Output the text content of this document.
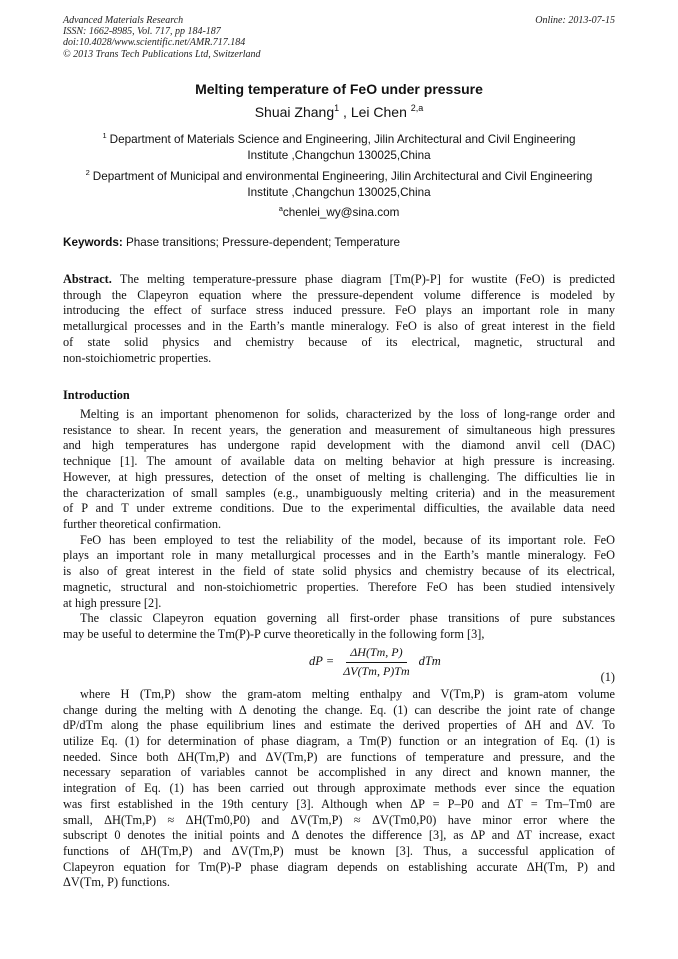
Advanced Materials Research
ISSN: 1662-8985, Vol. 717, pp 184-187
doi:10.4028/www.scientific.net/AMR.717.184
© 2013 Trans Tech Publications Ltd, Switzerland
Online: 2013-07-15
Melting temperature of FeO under pressure
Shuai Zhang$^1$ , Lei Chen $^{2,a}$
$^1$ Department of Materials Science and Engineering, Jilin Architectural and Civil Engineering
Institute ,Changchun 130025,China
$^2$ Department of Municipal and environmental Engineering, Jilin Architectural and Civil Engineering
Institute ,Changchun 130025,China
$^a$chenlei_wy@sina.com
Keywords: Phase transitions; Pressure-dependent; Temperature
Abstract. The melting temperature-pressure phase diagram [Tm(P)-P] for wustite (FeO) is predicted
through the Clapeyron equation where the pressure-dependent volume difference is modeled by
introducing the effect of surface stress induced pressure. FeO plays an important role in many
metallurgical processes and in the Earth’s mantle mineralogy. FeO is also of great interest in the field
of state solid physics and chemistry because of its electrical, magnetic, structural and
non-stoichiometric properties.
Introduction
Melting is an important phenomenon for solids, characterized by the loss of long-range order and
resistance to shear. In recent years, the generation and measurement of simultaneous high pressures
and high temperatures has undergone rapid development with the diamond anvil cell (DAC)
technique [1]. The amount of available data on melting behavior at high pressure is increasing.
However, at high pressures, detection of the onset of melting is challenging. The difficulties lie in
the characterization of small samples (e.g., unambiguously melting criteria) and in the measurement
of P and T under extreme conditions. Due to the experimental difficulties, the available data need
further theoretical confirmation.
FeO has been employed to test the reliability of the model, because of its important role. FeO
plays an important role in many metallurgical processes and in the Earth’s mantle mineralogy. FeO
is also of great interest in the field of state solid physics and chemistry because of its electrical,
magnetic, structural and non-stoichiometric properties. Therefore FeO has been studied intensively
at high pressure [2].
The classic Clapeyron equation governing all first-order phase transitions of pure substances
may be useful to determine the Tm(P)-P curve theoretically in the following form [3],
dP = $\frac{\Delta H(Tm, P)}{\Delta V(Tm, P)Tm}$ dTm
(1)
where H (Tm,P) show the gram-atom melting enthalpy and V(Tm,P) is gram-atom volume
change during the melting with Δ denoting the change. Eq. (1) can describe the joint rate of change
dP/dTm along the phase equilibrium lines and estimate the derived properties of ΔH and ΔV. To
utilize Eq. (1) for determination of phase diagram, a Tm(P) function or an integration of Eq. (1) is
needed. Since both ΔH(Tm,P) and ΔV(Tm,P) are functions of temperature and pressure, and the
necessary separation of variables cannot be accomplished in any direct and known manner, the
integration of Eq. (1) has been carried out through approximate methods ever since the equation
was first established in the 19th century [3]. Although when ΔP = P–P0 and ΔT = Tm–Tm0 are
small, ΔH(Tm,P) ≈ ΔH(Tm0,P0) and ΔV(Tm,P) ≈ ΔV(Tm0,P0) have minor error where the
subscript 0 denotes the initial points and Δ denotes the difference [3], as ΔP and ΔT increase, exact
functions of ΔH(Tm,P) and ΔV(Tm,P) must be known [3]. Thus, a successful application of
Clapeyron equation for Tm(P)-P phase diagram depends on establishing accurate ΔH(Tm, P) and
ΔV(Tm, P) functions.
